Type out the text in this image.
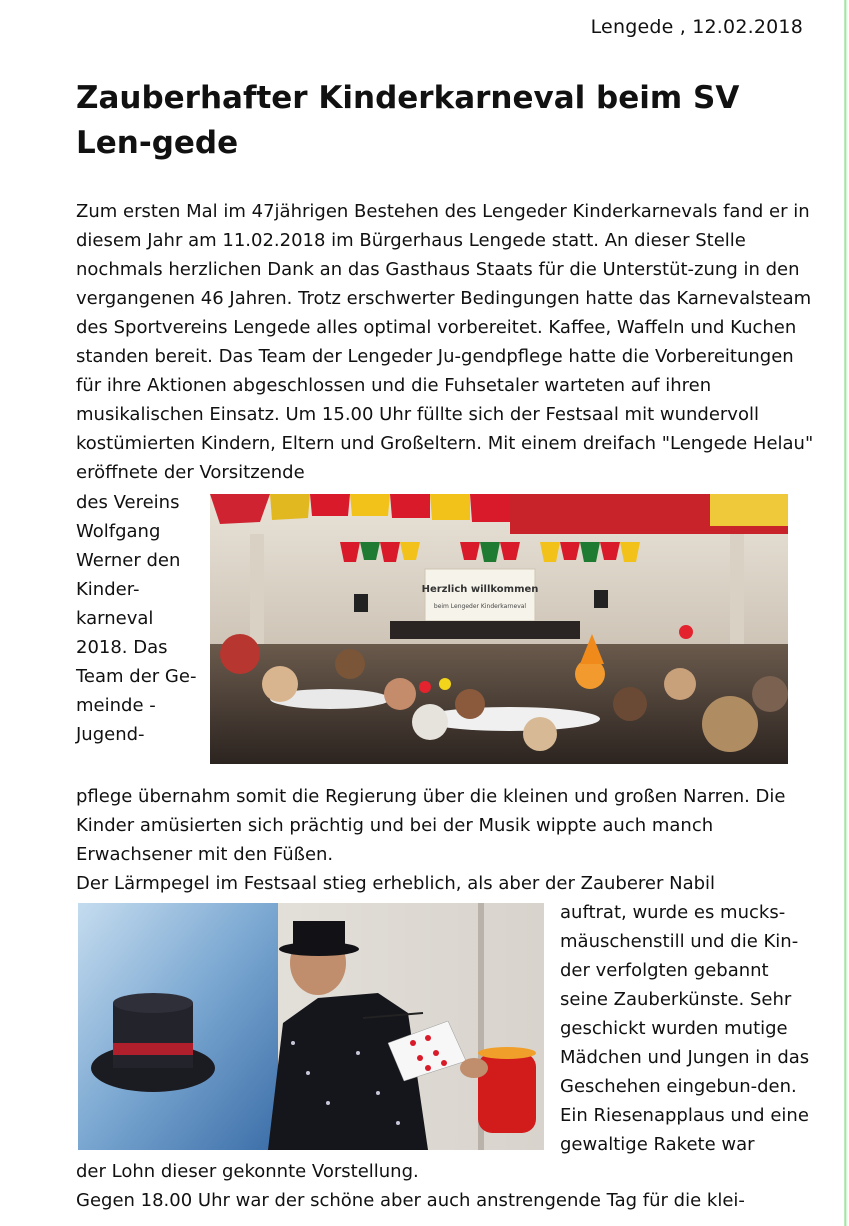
Lengede , 12.02.2018
Zauberhafter Kinderkarneval beim SV Len-gede

Zum ersten Mal im 47jährigen Bestehen des Lengeder Kinderkarnevals fand er in diesem Jahr am 11.02.2018 im Bürgerhaus Lengede statt. An dieser Stelle nochmals herzlichen Dank an das Gasthaus Staats für die Unterstüt-zung in den vergangenen 46 Jahren. Trotz erschwerter Bedingungen hatte das Karnevalsteam des Sportvereins Lengede alles optimal vorbereitet. Kaffee, Waffeln und Kuchen standen bereit. Das Team der Lengeder Ju-gendpflege hatte die Vorbereitungen für ihre Aktionen abgeschlossen und die Fuhsetaler warteten auf ihren musikalischen Einsatz. Um 15.00 Uhr füllte sich der Festsaal mit wundervoll kostümierten Kindern, Eltern und Großeltern. Mit einem dreifach "Lengede Helau" eröffnete der Vorsitzende

des Vereins Wolfgang Werner den Kinder-karneval 2018. Das Team der Ge-meinde - Jugend-

Herzlich willkommen
beim Lengeder Kinderkarneval

pflege übernahm somit die Regierung über die kleinen und großen Narren. Die Kinder amüsierten sich prächtig und bei der Musik wippte auch manch Erwachsener mit den Füßen.

Der Lärmpegel im Festsaal stieg erheblich, als aber der Zauberer Nabil

auftrat, wurde es mucks-mäuschenstill und die Kin-der verfolgten gebannt seine Zauberkünste. Sehr geschickt wurden mutige Mädchen und Jungen in das Geschehen eingebun-den. Ein Riesenapplaus und eine gewaltige Rakete war

der Lohn dieser gekonnte Vorstellung.

Gegen 18.00 Uhr war der schöne aber auch anstrengende Tag für die klei-
